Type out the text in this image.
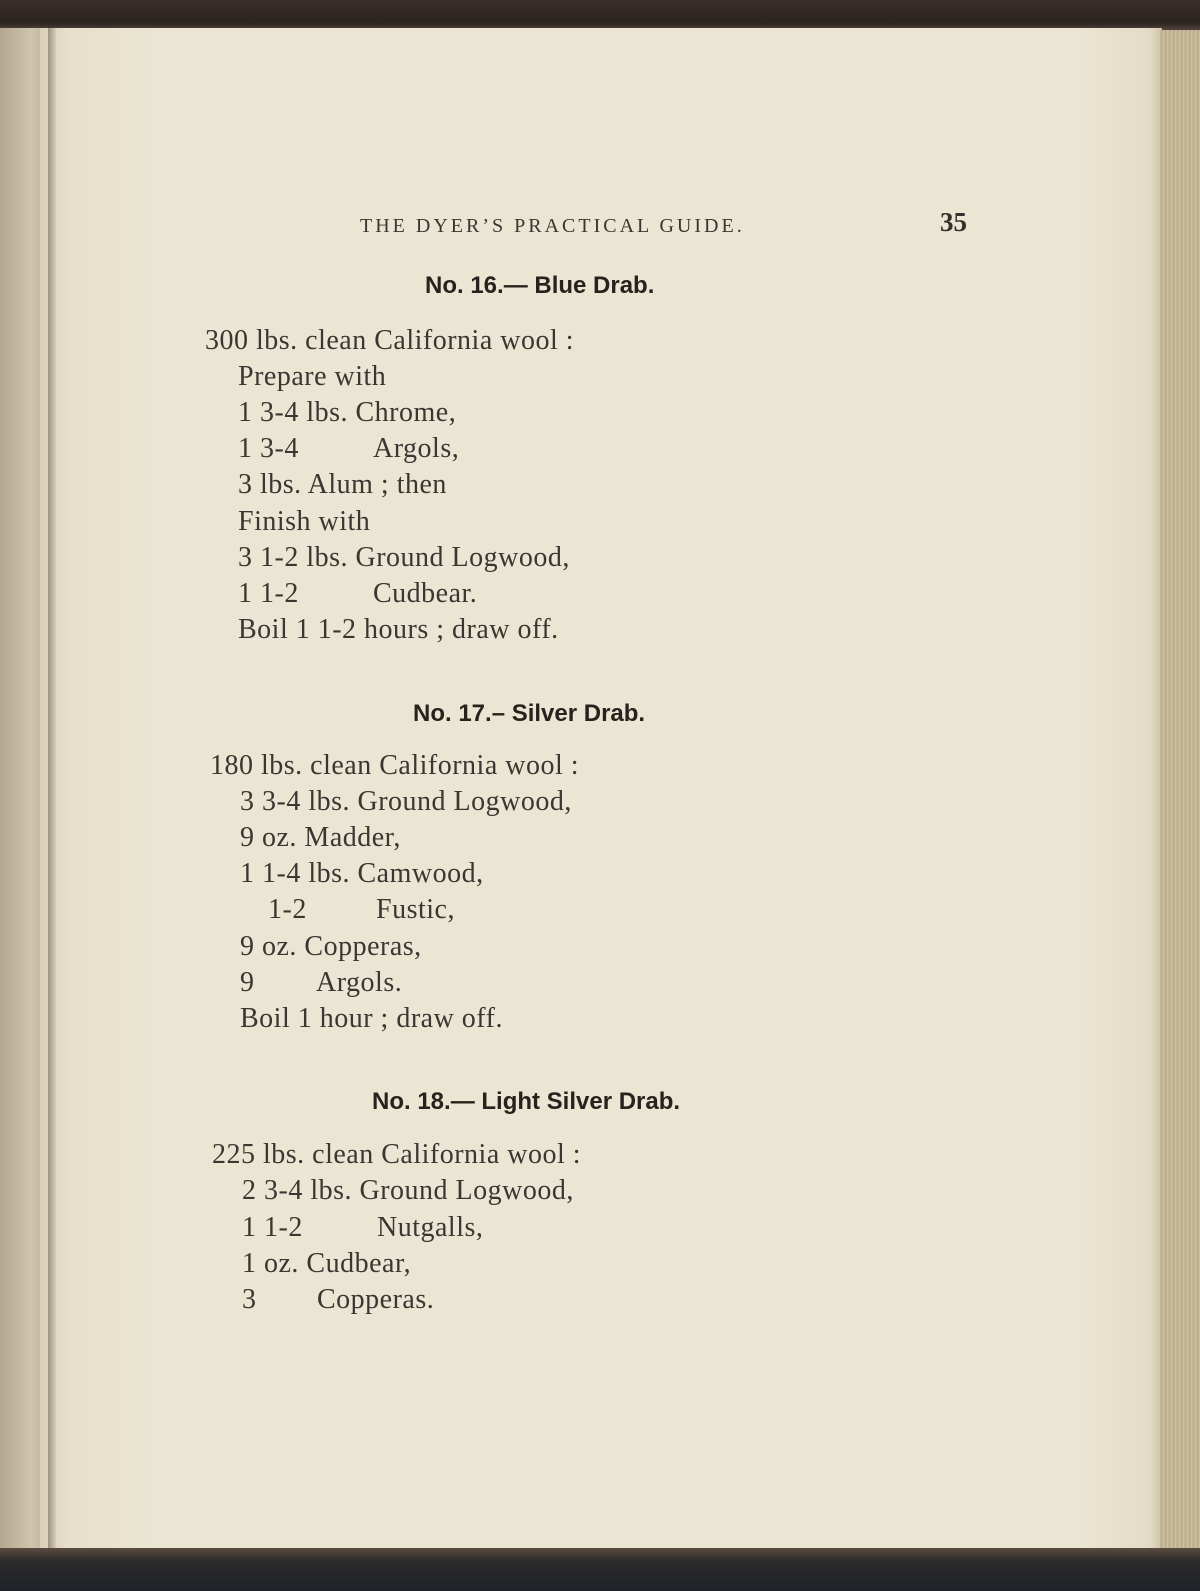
THE DYER’S PRACTICAL GUIDE.	35
No. 16.— Blue Drab.
300 lbs. clean California wool :
Prepare with
1 3-4 lbs. Chrome,
1 3-4	Argols,
3 lbs. Alum ; then
Finish with
3 1-2 lbs. Ground Logwood,
1 1-2	Cudbear.
Boil 1 1-2 hours ; draw off.
No. 17.– Silver Drab.
180 lbs. clean California wool :
3 3-4 lbs. Ground Logwood,
9 oz. Madder,
1 1-4 lbs. Camwood,
1-2 Fustic,
9 oz. Copperas,
9 Argols.
Boil 1 hour ; draw off.
No. 18.— Light Silver Drab.
225 lbs. clean California wool :
2 3-4 lbs. Ground Logwood,
1 1-2	Nutgalls,
1 oz. Cudbear,
3 Copperas.
